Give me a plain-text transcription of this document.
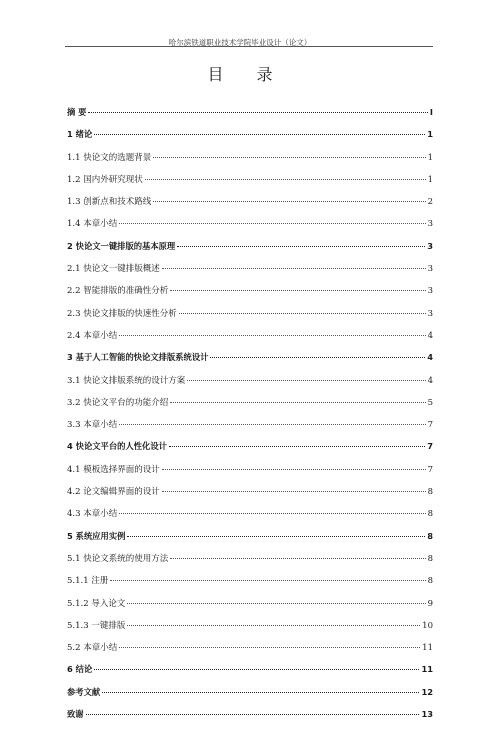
哈尔滨铁道职业技术学院毕业设计（论文）
目 录
摘 要	I
1 绪论	1
1.1 快论文的选题背景	1
1.2 国内外研究现状	1
1.3 创新点和技术路线	2
1.4 本章小结	3
2 快论文一键排版的基本原理	3
2.1 快论文一键排版概述	3
2.2 智能排版的准确性分析	3
2.3 快论文排版的快速性分析	3
2.4 本章小结	4
3 基于人工智能的快论文排版系统设计	4
3.1 快论文排版系统的设计方案	4
3.2 快论文平台的功能介绍	5
3.3 本章小结	7
4 快论文平台的人性化设计	7
4.1 模板选择界面的设计	7
4.2 论文编辑界面的设计	8
4.3 本章小结	8
5 系统应用实例	8
5.1 快论文系统的使用方法	8
5.1.1 注册	8
5.1.2 导入论文	9
5.1.3 一键排版	10
5.2 本章小结	11
6 结论	11
参考文献	12
致谢	13
